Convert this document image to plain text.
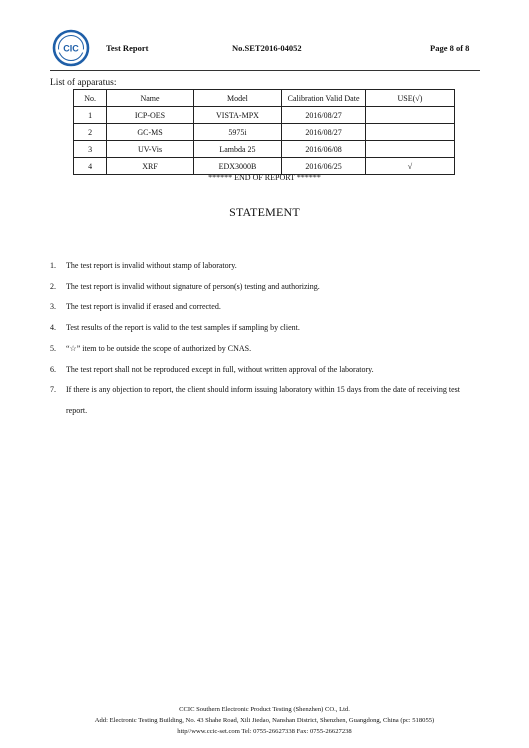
CIC	Test Report	No.SET2016-04052	Page 8 of 8
List of apparatus:
No.	Name	Model	Calibration Valid Date	USE(√)
1	ICP-OES	VISTA-MPX	2016/08/27	
2	GC-MS	5975i	2016/08/27	
3	UV-Vis	Lambda 25	2016/06/08	
4	XRF	EDX3000B	2016/06/25	√
****** END OF REPORT ******
STATEMENT
1. The test report is invalid without stamp of laboratory.
2. The test report is invalid without signature of person(s) testing and authorizing.
3. The test report is invalid if erased and corrected.
4. Test results of the report is valid to the test samples if sampling by client.
5. “☆” item to be outside the scope of authorized by CNAS.
6. The test report shall not be reproduced except in full, without written approval of the laboratory.
7. If there is any objection to report, the client should inform issuing laboratory within 15 days from the date of receiving test report.
CCIC Southern Electronic Product Testing (Shenzhen) CO., Ltd.
Add: Electronic Testing Building, No. 43 Shahe Road, Xili Jiedao, Nanshan District, Shenzhen, Guangdong, China (pc: 518055)
http//www.ccic-set.com Tel: 0755-26627338 Fax: 0755-26627238
